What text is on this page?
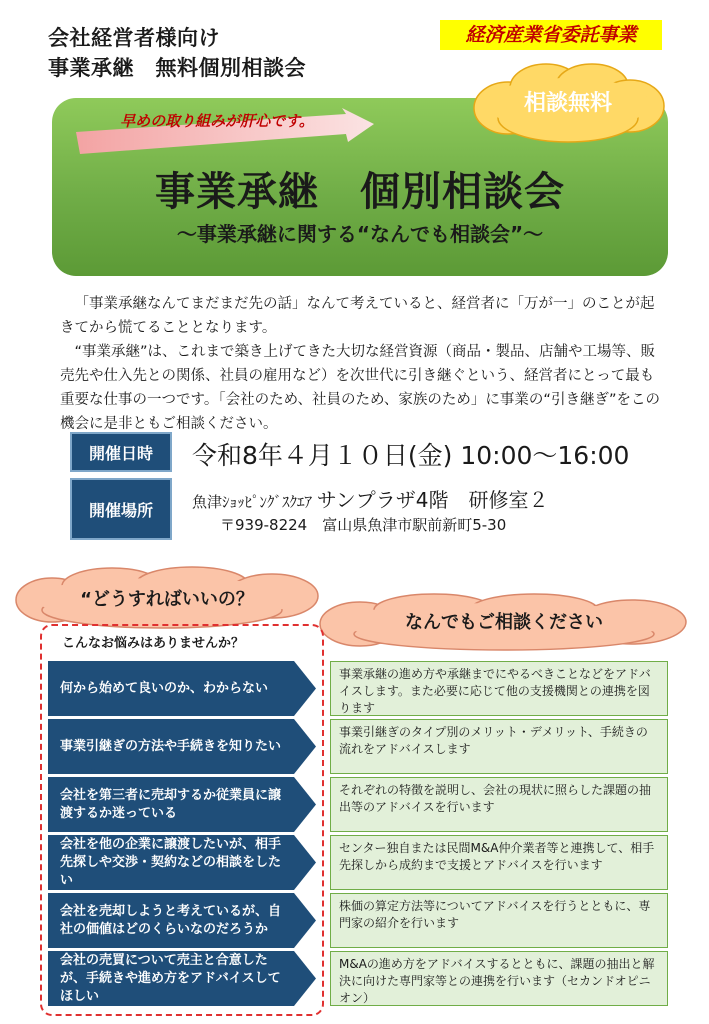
会社経営者様向け
事業承継　無料個別相談会
経済産業省委託事業
早めの取り組みが肝心です。
事業承継　個別相談会
～事業承継に関する“なんでも相談会”～
相談無料

「事業承継なんてまだまだ先の話」なんて考えていると、経営者に「万が一」のことが起きてから慌てることとなります。

“事業承継”は、これまで築き上げてきた大切な経営資源（商品・製品、店舗や工場等、販売先や仕入先との関係、社員の雇用など）を次世代に引き継ぐという、経営者にとって最も重要な仕事の一つです。「会社のため、社員のため、家族のため」に事業の“引き継ぎ”をこの機会に是非ともご相談ください。

開催日時	令和8年４月１０日(金) 10:00～16:00
開催場所	魚津ｼｮｯﾋﾟﾝｸﾞｽｸｴｱ サンプラザ4階　研修室２
〒939-8224　富山県魚津市駅前新町5-30
“どうすればいいの？
なんでもご相談ください
こんなお悩みはありませんか？
何から始めて良いのか、わからない
事業承継の進め方や承継までにやるべきことなどをアドバイスします。また必要に応じて他の支援機関との連携を図ります
事業引継ぎの方法や手続きを知りたい
事業引継ぎのタイプ別のメリット・デメリット、手続きの流れをアドバイスします
会社を第三者に売却するか従業員に譲渡するか迷っている
それぞれの特徴を説明し、会社の現状に照らした課題の抽出等のアドバイスを行います
会社を他の企業に譲渡したいが、相手先探しや交渉・契約などの相談をしたい
センター独自または民間M&A仲介業者等と連携して、相手先探しから成約まで支援とアドバイスを行います
会社を売却しようと考えているが、自社の価値はどのくらいなのだろうか
株価の算定方法等についてアドバイスを行うとともに、専門家の紹介を行います
会社の売買について売主と合意したが、手続きや進め方をアドバイスしてほしい
M&Aの進め方をアドバイスするとともに、課題の抽出と解決に向けた専門家等との連携を行います（セカンドオピニオン）
